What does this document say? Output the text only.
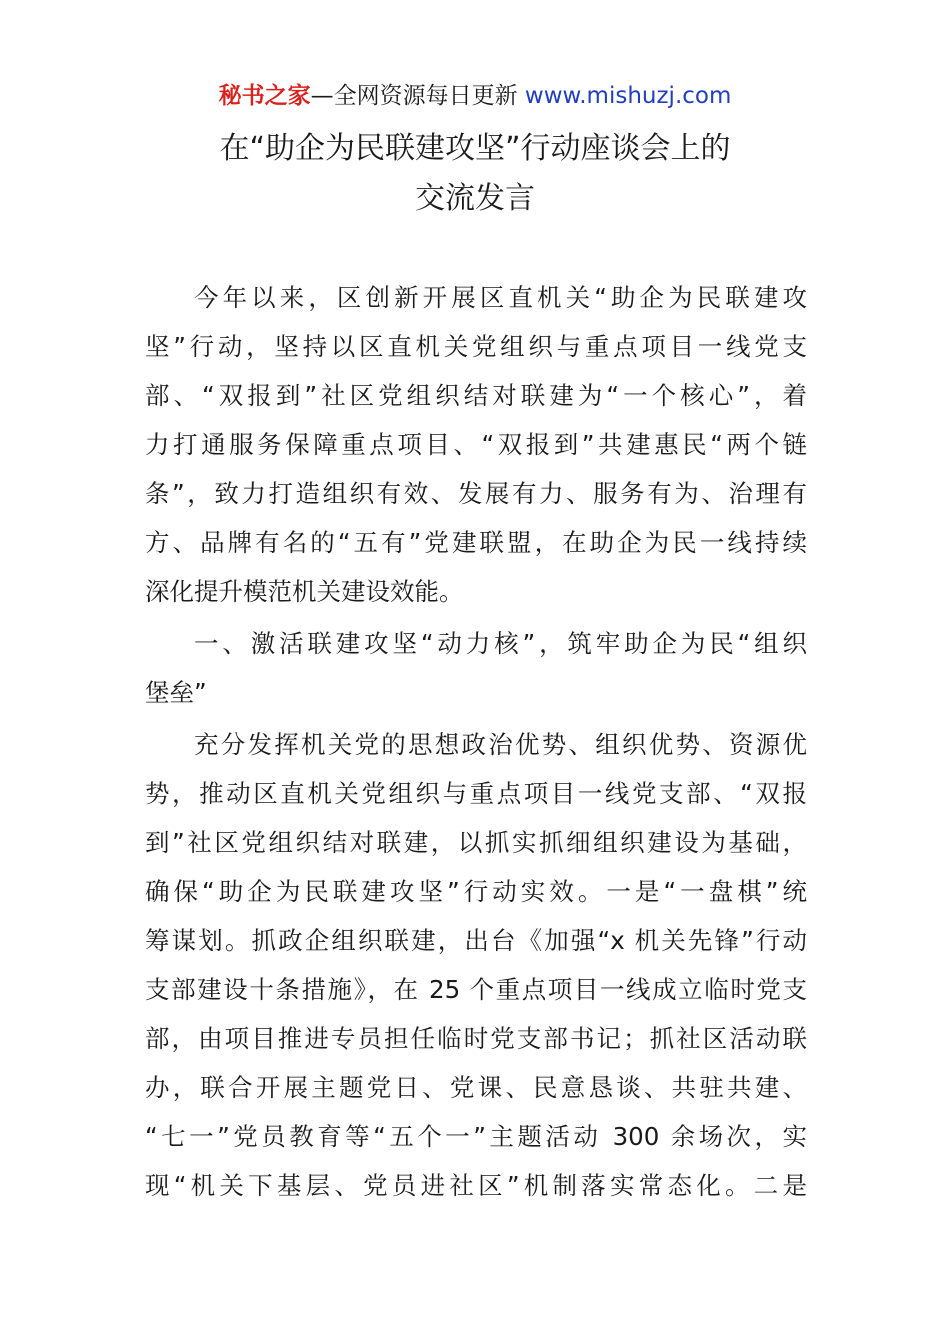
秘书之家—全网资源每日更新 www.mishuzj.com
在“助企为民联建攻坚”行动座谈会上的
交流发言
今年以来，区创新开展区直机关“助企为民联建攻
坚”行动，坚持以区直机关党组织与重点项目一线党支
部、“双报到”社区党组织结对联建为“一个核心”，着
力打通服务保障重点项目、“双报到”共建惠民“两个链
条”，致力打造组织有效、发展有力、服务有为、治理有
方、品牌有名的“五有”党建联盟，在助企为民一线持续
深化提升模范机关建设效能。
一、激活联建攻坚“动力核”，筑牢助企为民“组织
堡垒”
充分发挥机关党的思想政治优势、组织优势、资源优
势，推动区直机关党组织与重点项目一线党支部、“双报
到”社区党组织结对联建，以抓实抓细组织建设为基础，
确保“助企为民联建攻坚”行动实效。一是“一盘棋”统
筹谋划。抓政企组织联建，出台《加强“x 机关先锋”行动
支部建设十条措施》，在 25 个重点项目一线成立临时党支
部，由项目推进专员担任临时党支部书记；抓社区活动联
办，联合开展主题党日、党课、民意恳谈、共驻共建、
“七一”党员教育等“五个一”主题活动 300 余场次，实
现“机关下基层、党员进社区”机制落实常态化。二是
